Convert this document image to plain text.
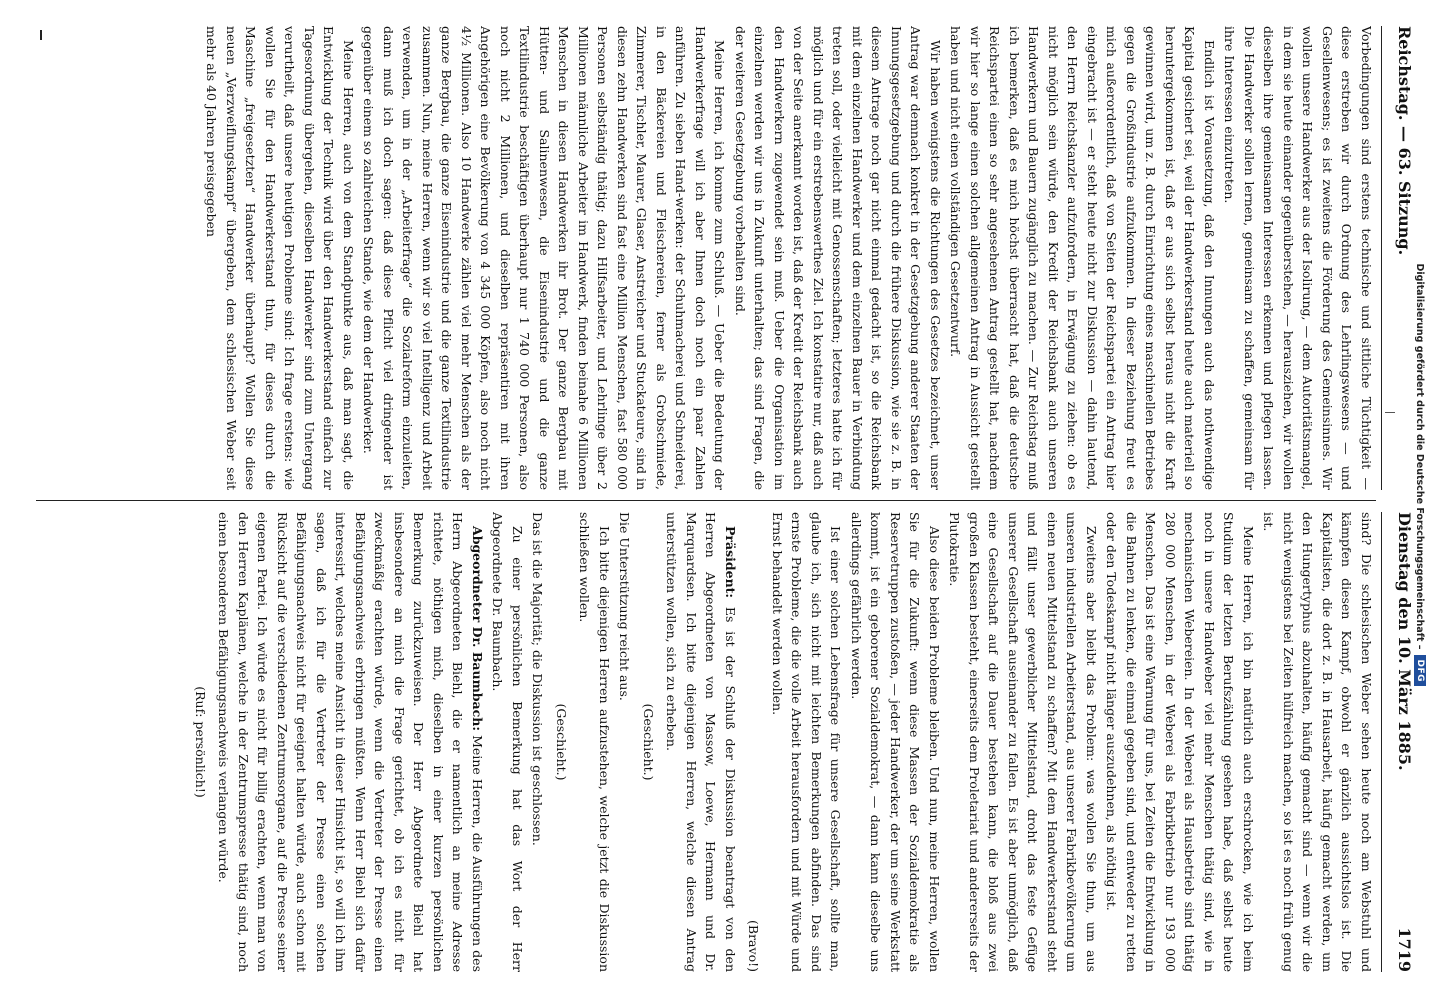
Reichstag. — 63. Sitzung.
Dienstag den 10. März 1885.
1719

Vorbedingungen sind erstens technische und sittliche Tüchtigkeit — diese erstreben wir durch Ordnung des Lehrlingswesens — und Gesellenwesens; es ist zweitens die Förderung des Gemeinsinnes. Wir wollen unsere Handwerker aus der Isolirung, — dem Autoritätsmangel, in dem sie heute einander gegenüberstehen, — herausziehen, wir wollen dieselben ihre gemeinsamen Interessen erkennen und pflegen lassen. Die Handwerker sollen lernen, gemeinsam zu schaffen, gemeinsam für ihre Interessen einzutreten.

Endlich ist Vorausetzung, daß den Innungen auch das nothwendige Kapital gesichert sei, weil der Handwerkerstand heute auch materiell so heruntergekommen ist, daß er aus sich selbst heraus nicht die Kraft gewinnen wird, um z. B. durch Einrichtung eines maschinellen Betriebes gegen die Großindustrie aufzukommen. In dieser Beziehung freut es mich außerordentlich, daß von Seiten der Reichspartei ein Antrag hier eingebracht ist — er steht heute nicht zur Diskussion — dahin lautend, den Herrn Reichskanzler aufzufordern, in Erwägung zu ziehen: ob es nicht möglich sein würde, den Kredit der Reichsbank auch unseren Handwerkern und Bauern zugänglich zu machen. — Zur Reichstag muß ich bemerken, daß es mich höchst überrascht hat, daß die deutsche Reichspartei einen so sehr angesehenen Antrag gestellt hat, nachdem wir hier so lange einen solchen allgemeinen Antrag in Aussicht gestellt haben und nicht einen vollständigen Gesetzentwurf.

Wir haben wenigstens die Richtungen des Gesetzes bezeichnet, unser Antrag war demnach konkret in der Gesetzgebung anderer Staaten der Innungsgesetzgebung und durch die frühere Diskussion, wie sie z. B. in diesem Antrage noch gar nicht einmal gedacht ist, so die Reichsbank mit dem einzelnen Handwerker und dem einzelnen Bauer in Verbindung treten soll, oder vielleicht mit Genossenschaften; letzteres hatte ich für möglich und für ein erstrebenswerthes Ziel. Ich konstatire nur, daß auch von der Seite anerkannt worden ist, daß der Kredit der Reichsbank auch den Handwerkern zugewendet sein muß. Ueber die Organisation im einzelnen werden wir uns in Zukunft unterhalten; das sind Fragen, die der weiteren Gesetzgebung vorbehalten sind.

Meine Herren, ich komme zum Schluß. — Ueber die Bedeutung der Handwerkerfrage will ich aber Ihnen doch noch ein paar Zahlen anführen. Zu sieben Hand-werken: der Schuhmacherei und Schneiderei, in den Bäckereien und Fleischereien, ferner als Grobschmiede, Zimmerer, Tischler, Maurer, Glaser, Anstreicher und Stuckateure, sind in diesen zehn Handwerken sind fast eine Million Menschen, fast 580 000 Personen selbständig thätig; dazu Hilfsarbeiter, und Lehrlinge über 2 Millionen männliche Arbeiter im Handwerk, finden beinahe 6 Millionen Menschen in diesen Handwerken ihr Brot. Der ganze Bergbau mit Hütten- und Salinenwesen, die Eisenindustrie und die ganze Textilindustrie beschäftigen überhaupt nur 1 740 000 Personen, also noch nicht 2 Millionen, und dieselben repräsentiren mit ihren Angehörigen eine Bevölkerung von 4 345 000 Köpfen, also noch nicht 4½ Millionen. Also 10 Handwerke zählen viel mehr Menschen als der ganze Bergbau, die ganze Eisenindustrie und die ganze Textilindustrie zusammen. Nun, meine Herren, wenn wir so viel Intelligenz und Arbeit verwenden, um in der „Arbeiterfrage“ die Sozialreform einzuleiten, dann muß ich doch sagen: daß diese Pflicht viel dringender ist gegenüber einem so zahlreichen Stande, wie dem der Handwerker.

Meine Herren, auch von dem Standpunkte aus, daß man sagt, die Entwicklung der Technik wird über den Handwerkerstand einfach zur Tagesordnung übergehen, dieselben Handwerker sind zum Untergang verurtheilt, daß unsere heutigen Probleme sind: Ich frage erstens: wie wollen Sie für den Handwerkerstand thun, für dieses durch die Maschine „freigesetzten“ Handwerker überhaupt? Wollen Sie diese neuen „Verzweiflungskampf“ übergeben, dem schlesischen Weber seit mehr als 40 Jahren preisgegeben

sind? Die schlesischen Weber sehen heute noch am Webstuhl und kämpfen diesen Kampf, obwohl er gänzlich aussichtslos ist. Die Kapitalisten, die dort z. B. in Hausarbeit, häufig gemacht werden, um den Hungertyphus abzuhalten, häufig gemacht sind — wenn wir die nicht wenigstens bei Zeiten hülfreich machen, so ist es noch früh genug ist.

Meine Herren, ich bin natürlich auch erschrocken, wie ich beim Studium der letzten Berufszählung gesehen habe, daß selbst heute noch in unsere Handweber viel mehr Menschen thätig sind, wie in mechanischen Webereien. In der Weberei als Hausbetrieb sind thätig 280 000 Menschen, in der Weberei als Fabrikbetrieb nur 193 000 Menschen. Das ist eine Warnung für uns, bei Zeiten die Entwicklung in die Bahnen zu lenken, die einmal gegeben sind, und entweder zu retten oder den Todeskampf nicht länger auszudehnen, als nöthig ist.

Zweitens aber bleibt das Problem: was wollen Sie thun, um aus unseren industriellen Arbeiterstand, aus unserer Fabrikbevölkerung um einen neuen Mittelstand zu schaffen? Mit dem Handwerkerstand steht und fällt unser gewerblicher Mittelstand, droht das feste Gefüge unserer Gesellschaft auseinander zu fallen. Es ist aber unmöglich, daß eine Gesellschaft auf die Dauer bestehen kann, die bloß aus zwei großen Klassen besteht, einerseits dem Proletariat und andererseits der Plutokratie.

Also diese beiden Probleme bleiben. Und nun, meine Herren, wollen Sie für die Zukunft: wenn diese Massen der Sozialdemokratie als Reservetruppen zustoßen, — jeder Handwerker, der um seine Werkstatt kommt, ist ein geborener Sozialdemokrat, — dann kann dieselbe uns allerdings gefährlich werden.

Ist einer solchen Lebensfrage für unsere Gesellschaft, sollte man, glaube ich, sich nicht mit leichten Bemerkungen abfinden. Das sind ernste Probleme, die die volle Arbeit herausfordern und mit Würde und Ernst behandelt werden wollen.

(Bravo!)

Präsident: Es ist der Schluß der Diskussion beantragt von den Herren Abgeordneten von Massow, Loewe, Hermann und Dr. Marquardsen. Ich bitte diejenigen Herren, welche diesen Antrag unterstützen wollen, sich zu erheben.

(Geschieht.)

Die Unterstützung reicht aus.

Ich bitte diejenigen Herren aufzustehen, welche jetzt die Diskussion schließen wollen.

(Geschieht.)

Das ist die Majorität; die Diskussion ist geschlossen.

Zu einer persönlichen Bemerkung hat das Wort der Herr Abgeordnete Dr. Baumbach.

Abgeordneter Dr. Baumbach: Meine Herren, die Ausführungen des Herrn Abgeordneten Biehl, die er namentlich an meine Adresse richtete, nöthigen mich, dieselben in einer kurzen persönlichen Bemerkung zurückzuweisen. Der Herr Abgeordnete Biehl hat insbesondere an mich die Frage gerichtet, ob ich es nicht für zweckmäßig erachten würde, wenn die Vertreter der Presse einen Befähigungsnachweis erbringen müßten. Wenn Herr Biehl sich dafür interessirt, welches meine Ansicht in dieser Hinsicht ist, so will ich ihm sagen, daß ich für die Vertreter der Presse einen solchen Befähigungsnachweis nicht für geeignet halten würde, auch schon mit Rücksicht auf die verschiedenen Zentrumsorgane, auf die Presse seiner eigenen Partei. Ich würde es nicht für billig erachten, wenn man von den Herren Kaplänen, welche in der Zentrumspresse thätig sind, noch einen besonderen Befähigungsnachweis verlangen würde.

(Ruf: persönlich!)

Digitalisierung gefördert durch die Deutsche Forschungsgemeinschaft –
DFG
